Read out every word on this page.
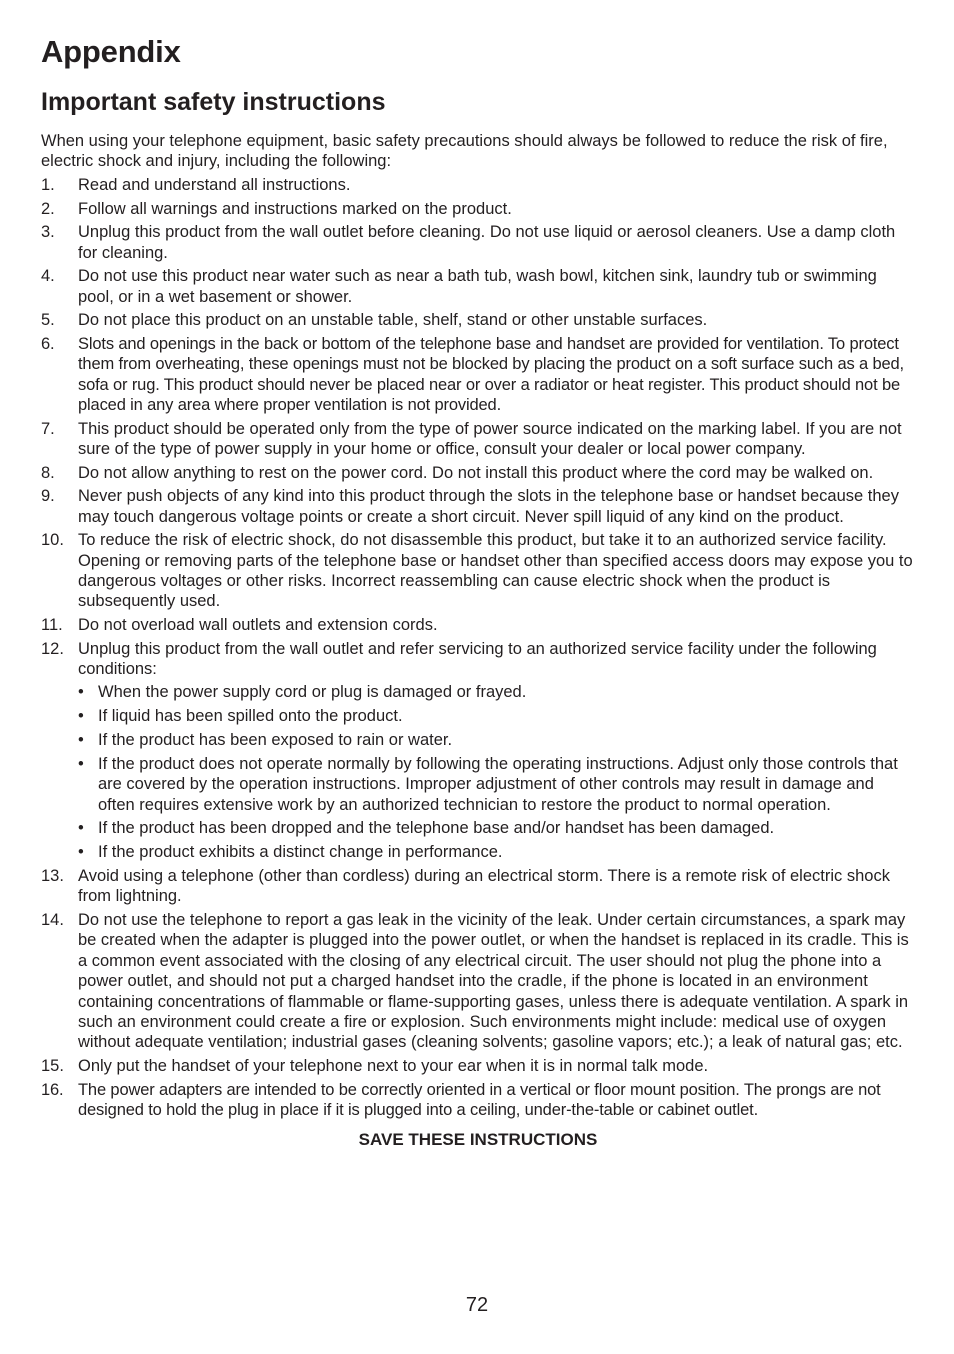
Appendix
Important safety instructions

When using your telephone equipment, basic safety precautions should always be followed to reduce the risk of fire, electric shock and injury, including the following:

1. Read and understand all instructions.
2. Follow all warnings and instructions marked on the product.
3. Unplug this product from the wall outlet before cleaning. Do not use liquid or aerosol cleaners. Use a damp cloth for cleaning.
4. Do not use this product near water such as near a bath tub, wash bowl, kitchen sink, laundry tub or swimming pool, or in a wet basement or shower.
5. Do not place this product on an unstable table, shelf, stand or other unstable surfaces.
6. Slots and openings in the back or bottom of the telephone base and handset are provided for ventilation. To protect them from overheating, these openings must not be blocked by placing the product on a soft surface such as a bed, sofa or rug. This product should never be placed near or over a radiator or heat register. This product should not be placed in any area where proper ventilation is not provided.
7. This product should be operated only from the type of power source indicated on the marking label. If you are not sure of the type of power supply in your home or office, consult your dealer or local power company.
8. Do not allow anything to rest on the power cord. Do not install this product where the cord may be walked on.
9. Never push objects of any kind into this product through the slots in the telephone base or handset because they may touch dangerous voltage points or create a short circuit. Never spill liquid of any kind on the product.
10. To reduce the risk of electric shock, do not disassemble this product, but take it to an authorized service facility. Opening or removing parts of the telephone base or handset other than specified access doors may expose you to dangerous voltages or other risks. Incorrect reassembling can cause electric shock when the product is subsequently used.
11. Do not overload wall outlets and extension cords.
12. Unplug this product from the wall outlet and refer servicing to an authorized service facility under the following conditions:
• When the power supply cord or plug is damaged or frayed.
• If liquid has been spilled onto the product.
• If the product has been exposed to rain or water.
• If the product does not operate normally by following the operating instructions. Adjust only those controls that are covered by the operation instructions. Improper adjustment of other controls may result in damage and often requires extensive work by an authorized technician to restore the product to normal operation.
• If the product has been dropped and the telephone base and/or handset has been damaged.
• If the product exhibits a distinct change in performance.
13. Avoid using a telephone (other than cordless) during an electrical storm. There is a remote risk of electric shock from lightning.
14. Do not use the telephone to report a gas leak in the vicinity of the leak. Under certain circumstances, a spark may be created when the adapter is plugged into the power outlet, or when the handset is replaced in its cradle. This is a common event associated with the closing of any electrical circuit. The user should not plug the phone into a power outlet, and should not put a charged handset into the cradle, if the phone is located in an environment containing concentrations of flammable or flame-supporting gases, unless there is adequate ventilation. A spark in such an environment could create a fire or explosion. Such environments might include: medical use of oxygen without adequate ventilation; industrial gases (cleaning solvents; gasoline vapors; etc.); a leak of natural gas; etc.
15. Only put the handset of your telephone next to your ear when it is in normal talk mode.
16. The power adapters are intended to be correctly oriented in a vertical or floor mount position. The prongs are not designed to hold the plug in place if it is plugged into a ceiling, under-the-table or cabinet outlet.
SAVE THESE INSTRUCTIONS
72
